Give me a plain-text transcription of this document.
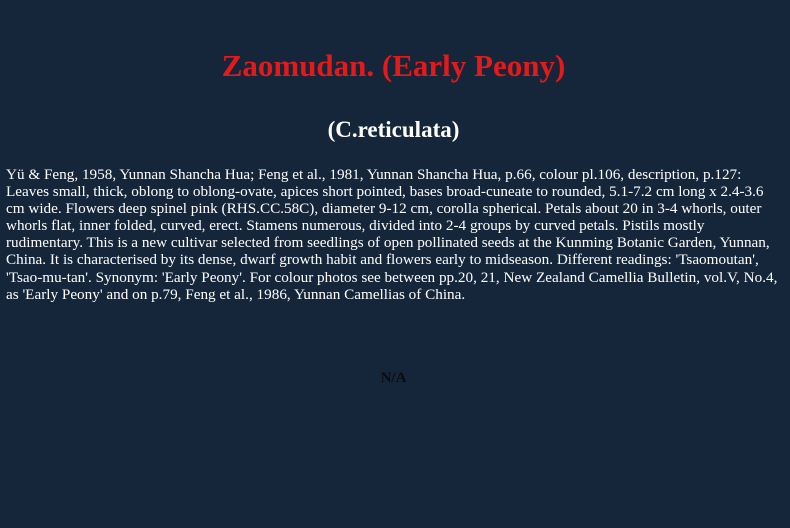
Zaomudan. (Early Peony)
(C.reticulata)

Yü & Feng, 1958, Yunnan Shancha Hua; Feng et al., 1981, Yunnan Shancha Hua, p.66, colour pl.106, description, p.127: Leaves small, thick, oblong to oblong-ovate, apices short pointed, bases broad-cuneate to rounded, 5.1-7.2 cm long x 2.4-3.6 cm wide. Flowers deep spinel pink (RHS.CC.58C), diameter 9-12 cm, corolla spherical. Petals about 20 in 3-4 whorls, outer whorls flat, inner folded, curved, erect. Stamens numerous, divided into 2-4 groups by curved petals. Pistils mostly rudimentary. This is a new cultivar selected from seedlings of open pollinated seeds at the Kunming Botanic Garden, Yunnan, China. It is characterised by its dense, dwarf growth habit and flowers early to midseason. Different readings: 'Tsaomoutan', 'Tsao-mu-tan'. Synonym: 'Early Peony'. For colour photos see between pp.20, 21, New Zealand Camellia Bulletin, vol.V, No.4, as 'Early Peony' and on p.79, Feng et al., 1986, Yunnan Camellias of China.

N/A
